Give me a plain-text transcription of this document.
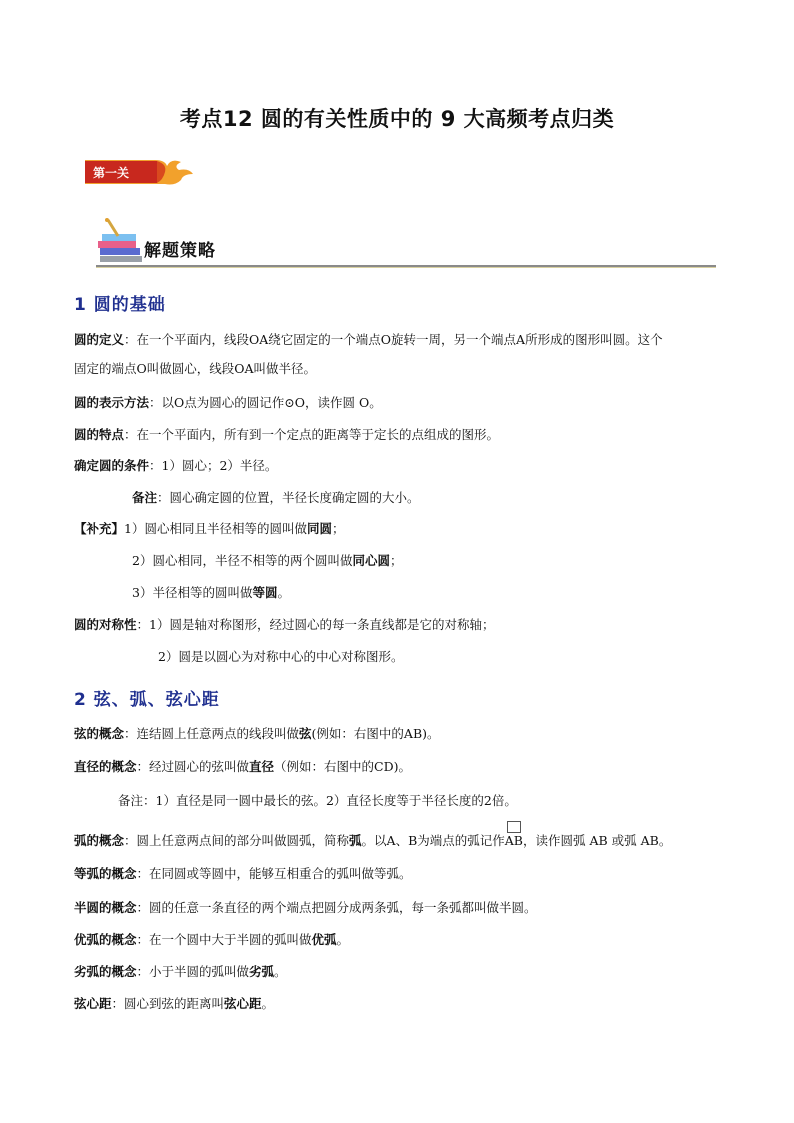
考点12 圆的有关性质中的 9 大高频考点归类
第一关
解题策略
1 圆的基础
圆的定义：在一个平面内，线段OA绕它固定的一个端点O旋转一周，另一个端点A所形成的图形叫圆。这个
固定的端点O叫做圆心，线段OA叫做半径。
圆的表示方法：以O点为圆心的圆记作⊙O，读作圆 O。
圆的特点：在一个平面内，所有到一个定点的距离等于定长的点组成的图形。
确定圆的条件：1）圆心；2）半径。
备注：圆心确定圆的位置，半径长度确定圆的大小。
【补充】1）圆心相同且半径相等的圆叫做同圆；
2）圆心相同，半径不相等的两个圆叫做同心圆；
3）半径相等的圆叫做等圆。
圆的对称性：1）圆是轴对称图形，经过圆心的每一条直线都是它的对称轴；
2）圆是以圆心为对称中心的中心对称图形。
2 弦、弧、弦心距
弦的概念：连结圆上任意两点的线段叫做弦(例如：右图中的AB)。
直径的概念：经过圆心的弦叫做直径（例如：右图中的CD)。
备注：1）直径是同一圆中最长的弦。2）直径长度等于半径长度的2倍。
弧的概念：圆上任意两点间的部分叫做圆弧，简称弧。以A、B为端点的弧记作
AB，读作圆弧 AB 或弧 AB。
等弧的概念：在同圆或等圆中，能够互相重合的弧叫做等弧。
半圆的概念：圆的任意一条直径的两个端点把圆分成两条弧，每一条弧都叫做半圆。
优弧的概念：在一个圆中大于半圆的弧叫做优弧。
劣弧的概念：小于半圆的弧叫做劣弧。
弦心距：圆心到弦的距离叫弦心距。
